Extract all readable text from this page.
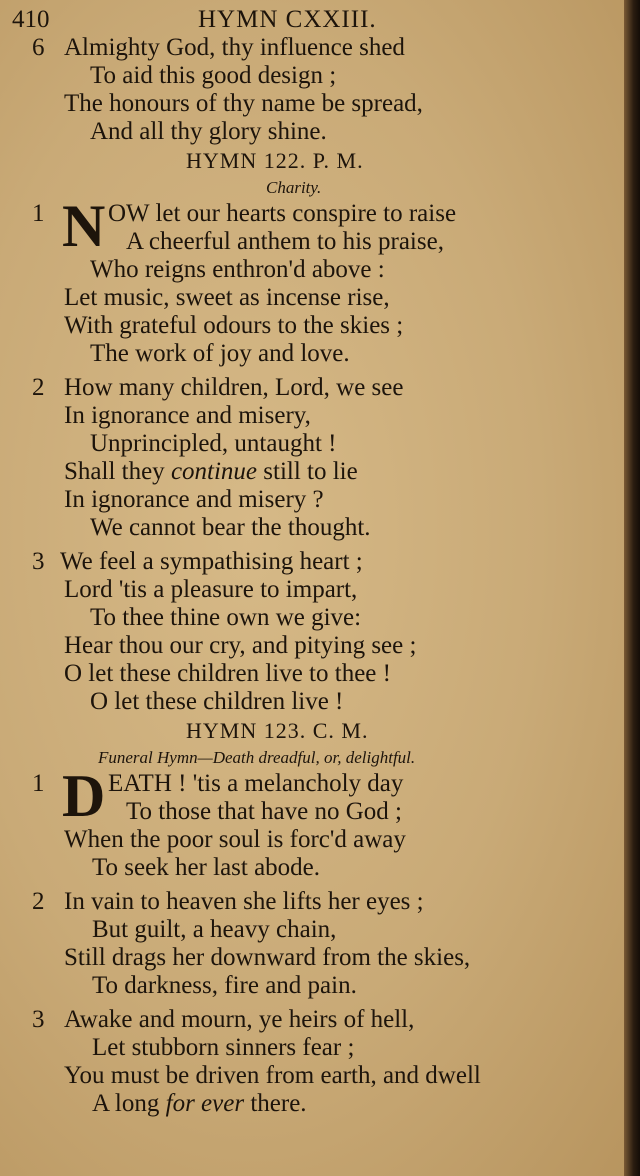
410	HYMN CXXIII.
6 Almighty God, thy influence shed
To aid this good design ;
The honours of thy name be spread,
And all thy glory shine.
HYMN 122. P. M.
Charity.
1 N OW let our hearts conspire to raise
A cheerful anthem to his praise,
Who reigns enthron'd above :
Let music, sweet as incense rise,
With grateful odours to the skies ;
The work of joy and love.
2 How many children, Lord, we see
In ignorance and misery,
Unprincipled, untaught !
Shall they continue still to lie
In ignorance and misery ?
We cannot bear the thought.
3 We feel a sympathising heart ;
Lord 'tis a pleasure to impart,
To thee thine own we give:
Hear thou our cry, and pitying see ;
O let these children live to thee !
O let these children live !
HYMN 123. C. M.
Funeral Hymn—Death dreadful, or, delightful.
1 D EATH ! 'tis a melancholy day
To those that have no God ;
When the poor soul is forc'd away
To seek her last abode.
2 In vain to heaven she lifts her eyes ;
But guilt, a heavy chain,
Still drags her downward from the skies,
To darkness, fire and pain.
3 Awake and mourn, ye heirs of hell,
Let stubborn sinners fear ;
You must be driven from earth, and dwell
A long for ever there.
